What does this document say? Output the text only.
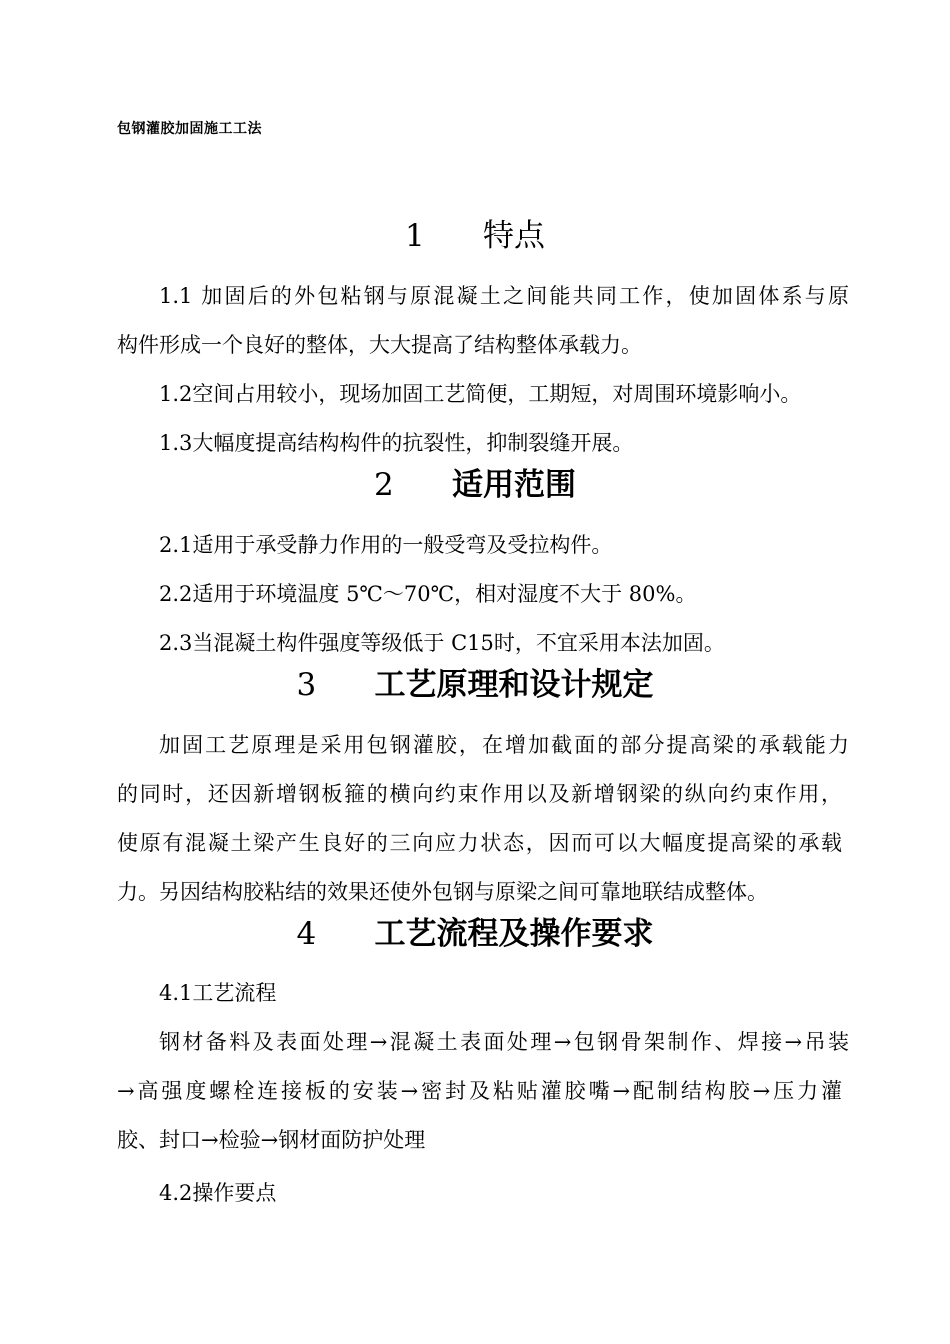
包钢灌胶加固施工工法
1 特点
1.1 加固后的外包粘钢与原混凝土之间能共同工作，使加固体系与原
构件形成一个良好的整体，大大提高了结构整体承载力。
1.2空间占用较小，现场加固工艺简便，工期短，对周围环境影响小。
1.3大幅度提高结构构件的抗裂性，抑制裂缝开展。
2 适用范围
2.1适用于承受静力作用的一般受弯及受拉构件。
2.2适用于环境温度 5℃～70℃，相对湿度不大于 80%。
2.3当混凝土构件强度等级低于 C15时，不宜采用本法加固。
3 工艺原理和设计规定
加固工艺原理是采用包钢灌胶，在增加截面的部分提高梁的承载能力
的同时，还因新增钢板箍的横向约束作用以及新增钢梁的纵向约束作用，
使原有混凝土梁产生良好的三向应力状态，因而可以大幅度提高梁的承载
力。另因结构胶粘结的效果还使外包钢与原梁之间可靠地联结成整体。
4 工艺流程及操作要求
4.1工艺流程
钢材备料及表面处理→混凝土表面处理→包钢骨架制作、焊接→吊装
→高强度螺栓连接板的安装→密封及粘贴灌胶嘴→配制结构胶→压力灌
胶、封口→检验→钢材面防护处理
4.2操作要点
